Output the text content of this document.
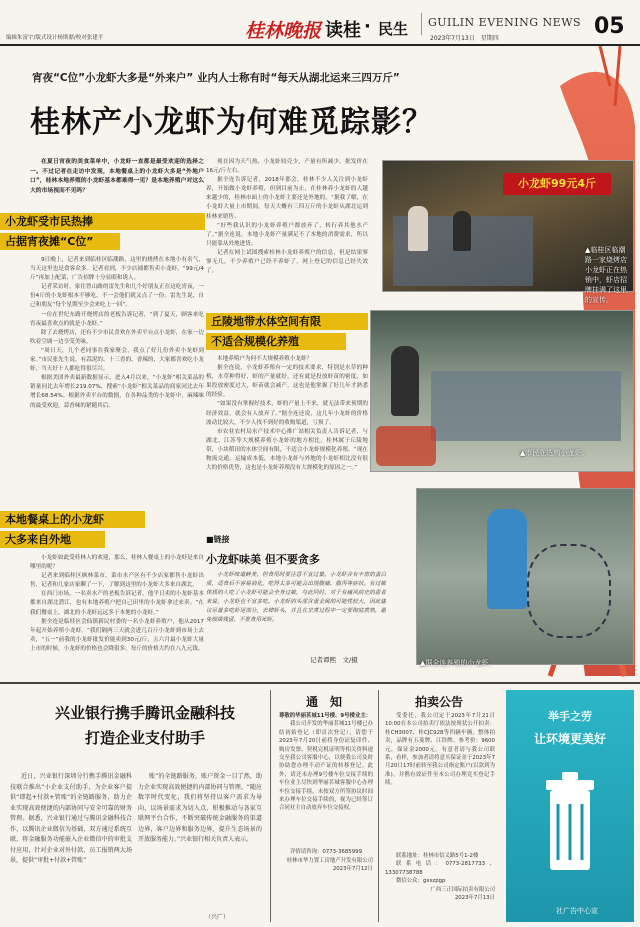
编辑朱富宇/版式设计杨斯鼎/校对张建平	桂林晚报 读桂 · 民生 GUILIN EVENING NEWS
2023年7月13日　星期四	05
宵夜“C位”小龙虾大多是“外来户” 业内人士称有时“每天从湖北运来三四万斤”
桂林产小龙虾为何难觅踪影？
在夏日宵夜的美食菜单中，小龙虾一直都是最受欢迎的选择之一。不过记者在走访中发现，本地餐桌上的小龙虾大多是“外地户口”，桂林本地养殖的小龙虾基本都难得一见？是本地养殖户对这么大的市场视而不见吗？
小龙虾受市民热捧
占据宵夜摊“C位”

9日晚上，记者来到临桂区临潮路，这里的烧烤在本地小有名气，当天这里也是食客众多。记者看到，不少店铺都售卖小龙虾，“99元/4斤”再加上配菜，广告招牌十分显眼和诱人。

记者采访时，家住曾山路的雷先生和几个好朋友正在这吃宵夜，一份4斤的小龙虾根本不够吃，不一会他们就又点了一份。雷先生说，自己和朋友“每个星期至少会来吃上一回”。

一位在世纪东路开烧烤店的老板告诉记者，“到了夏天，顾客来吃宵夜最喜欢点的就是小龙虾。”

除了去烧烤店，还有不少市民喜欢在外卖平台点小龙虾，在家一边吹着空调一边享受美味。

“周日天，几个老同事在我家聚会，我点了好几份外卖小龙虾到家。”市民张先生说，有蒜泥的、十三香的、香辣的，大家都喜欢吃小龙虾，当天好十人都吃得很尽兴。

根据美团外卖最新数据显示，进入4月以来，“小龙虾”相关菜品的销量同比去年增长219.07%，搜索“小龙虾”相关菜品的商家同比去年增长68.54%。根据外卖平台的数据，在各种品类的小龙虾中，麻辣味的最受欢迎，蒜香味的紧随其后。

本地餐桌上的小龙虾
大多来自外地

小龙虾如此受桂林人的欢迎，那么，桂林人餐桌上的小龙虾是来自哪里的呢？

记者来到临桂区枫林菜市，菜市水产区有不少店家都售小龙虾出售，记者和几家店家聊了一下，了解到这里的小龙虾大多来自湖北。

在西门市场，一名卖水产的老板告诉记者，他平日卖的小龙虾基本都来自湖北潜江，也有本地养殖户把自己田里的小龙虾拿过来卖。“在我们餐桌上，湖北的小龙虾远远多于本地的小龙虾。”

据全连是临桂区会仙镇新民村委的一名小龙虾养殖户，他从2017年起开始养殖小龙虾。“我们隔两三天就会进几百斤小龙虾到市场上去卖，“五一”前我的小龙虾批发价能卖到30元/斤，五六月最小龙虾大量上市的时候，小龙虾的价格也会降很多，每斤的价格大约在八九元钱。

现在因为天气热，小龙虾较壳少，产量有所减少，批发价在16元/斤左右。

据全连告诉记者，2018年那会，桂林不少人关注到小龙虾养，开始做小龙虾养殖，但到目前为止，在桂林养小龙虾的人越来越少的，桂林市面上的小龙虾主要还是外地的。“据我了解，在小龙虾大量上市期间，每天大概有三四万斤的小龙虾从湖北运到桂林来销售。

“好些我认识的小龙虾养殖户都放弃了，转行养其他水产了。”据全连说，本地小龙虾产量满足不了本地的消费需求，所以只能靠从外地进货。

记者在网上试图搜索桂林小龙虾养殖户的信息，但是结果寥寥无几，不少养殖户已经不养虾了，网上登记的信息已经失效了。

丘陵地带水体空间有限
不适合规模化养殖

本地养殖户为何不大规模养殖小龙虾？

据全连说，小龙虾养殖有一定的技术要求，特别是水草的种植，水草种得好，虾的产量就好，还有就是投放虾苗的密度，如果投放密度过大，虾苗就会减产，这也是他掌握了好几年才熟悉的经验。

“如果没有掌握好技术，虾的产量上不来，就无法带来预期的经济效益，就会有人放弃了。”据全连还说，这几年小龙虾的价格波动比较大，不少人找不到好的收购渠道，亏损了。

市农业农村局水产技术中心推广站相关负责人告诉记者，与湖北、江苏等大规模养殖小龙虾的地方相比，桂林属于丘陵地带，小块稻田的水体空间有限，不适合小龙虾规模化养殖。“现在物流交通，运输成本低，本地小龙虾与外地的小龙虾相比没有很大的价格优势，这也是小龙虾养殖没有大规模化的原因之一。”

■链接
小龙虾味美 但不要贪多

小龙虾味道鲜美，但食用时要注意不宜过量。小龙虾含有丰富的蛋白质，适食后不容易消化，吃得太多可能会出现腹痛、腹泻等症状。有过敏体质的人吃了小龙虾可能会全身过敏，与此同时，对于有痛风病史的患者来说，小龙虾也不宜多吃。小龙虾的头部含重金属的可能性较大，因此建议尽量多吃虾尾部分，去掉虾头，并且在烹煮过程中一定要彻底煮熟，避免细菌残留，不要食用死虾。

记者谭熙　文/摄
小龙虾99元4斤
▲临桂区临潮路一家烧烤店小龙虾正在热销中，虾店招牌挂满了这里的宣传。
▲市民在选购小龙虾。
▲据全连养殖的小龙虾。
兴业银行携手腾讯金融科技
打造企业支付助手

近日，兴业银行深圳分行携手腾讯金融科技联合推出“小企业支付助手，为企业客户提供“即起+付款+管账”的全链路服务，助力企业实现高效便捷的内部协同与安全可靠的财务管理。据悉，兴业银行通过与腾讯金融科技合作，以腾讯企业微信为基础，双方通过系统互联，将金融服务功能嵌入企业微信中的审批支付应用，针对企业对外付款、员工报销两大场景，提供“审批+付款+管账”

账”的全链路服务，账户资金一目了然，助力企业实现高效便捷的内部协同与管理。“随应数字时代变化，我们将坚持以客户需求为导向，以场景需求为切入点，积极推动与各家互联网平台合作，不断突破传统金融服务的渠道边界，客户边界和服务边界，提升生态场景的开放服务能力。”兴业银行相关负责人表示。

（兴广）
通　知
尊敬的华丽茗城11号楼、9号楼业主：
我公司开发的华丽茗城11号楼已办结初始登记（即首次登记），请您于2023年7月20日前将身份证复印件、购房发票、契税完税证明等相关资料递交至我公司客服中心，以便我公司及时协助您办理不动产证的转移登记。此外，请还未办理9号楼车位交接手续的车位业主尽快到华丽茗城客服中心办理车位交接手续。未按双方所签协议时间来办理车位交接手续的，视为已经签订合同业主自动放弃车位交接权。
详情请咨询：0773-3685999
桂林市华力置工房地产开发有限公司
2023年7月12日
拍卖公告
受委托，我公司定于2023年7月21日10:00在本公司拍卖厅依法按现状公开拍卖：桂CH3007、桂CJC928等四辆车辆，整体拍卖，品牌有五菱牌、江铃牌、参考价：9600元，保证金2000元。有意者请与我公司联系，看样，参加者请将意买保证金于2023年7月20日17时前转至我公司指定账户(以款到为准)，并携有效证件至本公司办理竞买登记手续。
联系地址：桂林市信义路5号1-2楼
联系电话：0773-2817733、13307738788
微信公众：gxszpgp
广西三正国际拍卖有限公司
2023年7月13日
举手之劳
让环境更美好
社广告中心宣
